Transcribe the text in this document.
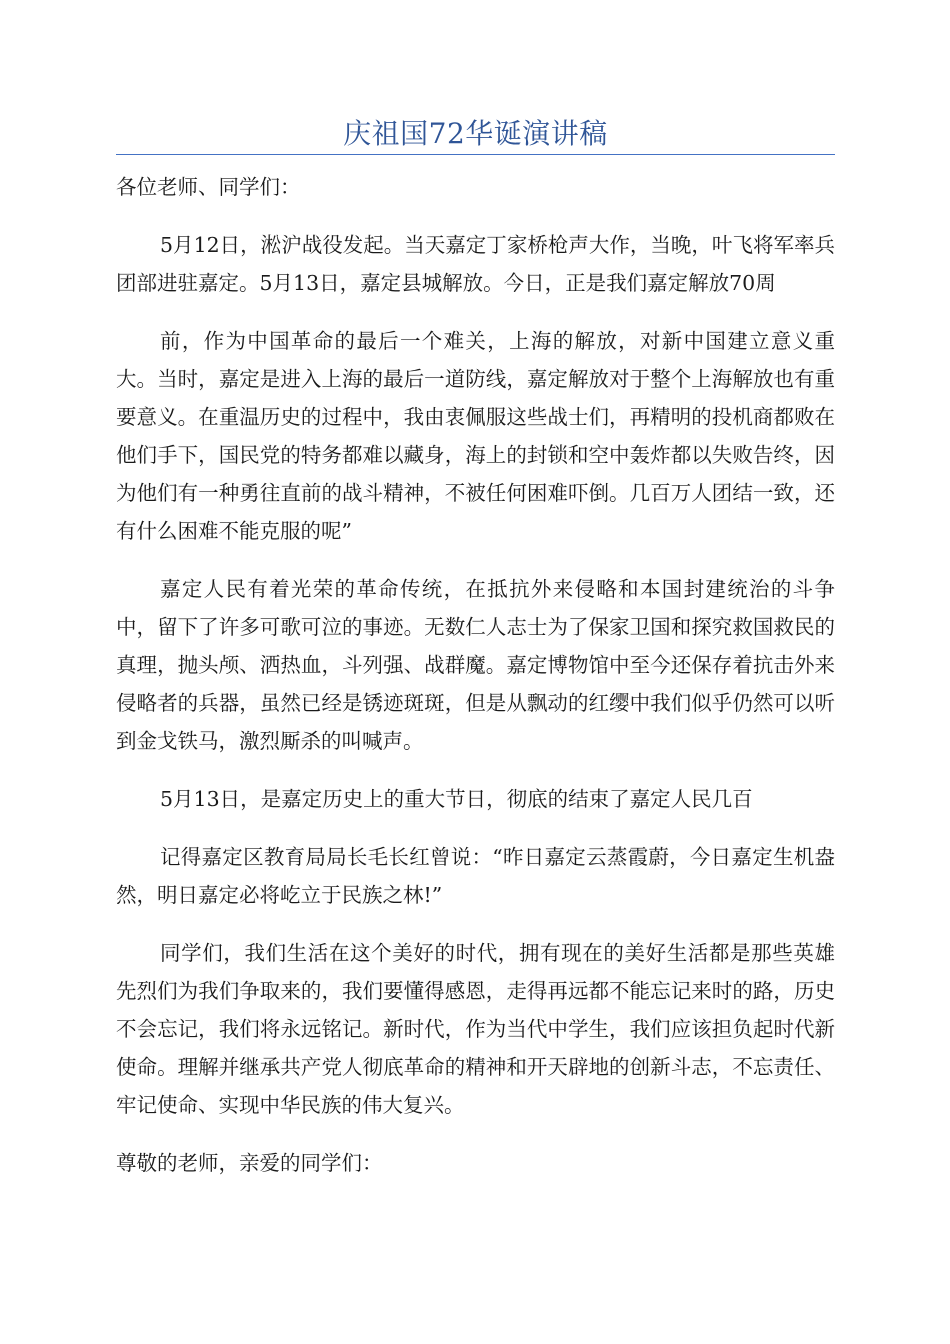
庆祖国72华诞演讲稿

各位老师、同学们：

5月12日，淞沪战役发起。当天嘉定丁家桥枪声大作，当晚，叶飞将军率兵团部进驻嘉定。5月13日，嘉定县城解放。今日，正是我们嘉定解放70周

前，作为中国革命的最后一个难关，上海的解放，对新中国建立意义重大。当时，嘉定是进入上海的最后一道防线，嘉定解放对于整个上海解放也有重要意义。在重温历史的过程中，我由衷佩服这些战士们，再精明的投机商都败在他们手下，国民党的特务都难以藏身，海上的封锁和空中轰炸都以失败告终，因为他们有一种勇往直前的战斗精神，不被任何困难吓倒。几百万人团结一致，还有什么困难不能克服的呢”

嘉定人民有着光荣的革命传统，在抵抗外来侵略和本国封建统治的斗争中，留下了许多可歌可泣的事迹。无数仁人志士为了保家卫国和探究救国救民的真理，抛头颅、洒热血，斗列强、战群魔。嘉定博物馆中至今还保存着抗击外来侵略者的兵器，虽然已经是锈迹斑斑，但是从飘动的红缨中我们似乎仍然可以听到金戈铁马，激烈厮杀的叫喊声。

5月13日，是嘉定历史上的重大节日，彻底的结束了嘉定人民几百

记得嘉定区教育局局长毛长红曾说：“昨日嘉定云蒸霞蔚，今日嘉定生机盎然，明日嘉定必将屹立于民族之林!”

同学们，我们生活在这个美好的时代，拥有现在的美好生活都是那些英雄先烈们为我们争取来的，我们要懂得感恩，走得再远都不能忘记来时的路，历史不会忘记，我们将永远铭记。新时代，作为当代中学生，我们应该担负起时代新使命。理解并继承共产党人彻底革命的精神和开天辟地的创新斗志，不忘责任、牢记使命、实现中华民族的伟大复兴。

尊敬的老师，亲爱的同学们：
